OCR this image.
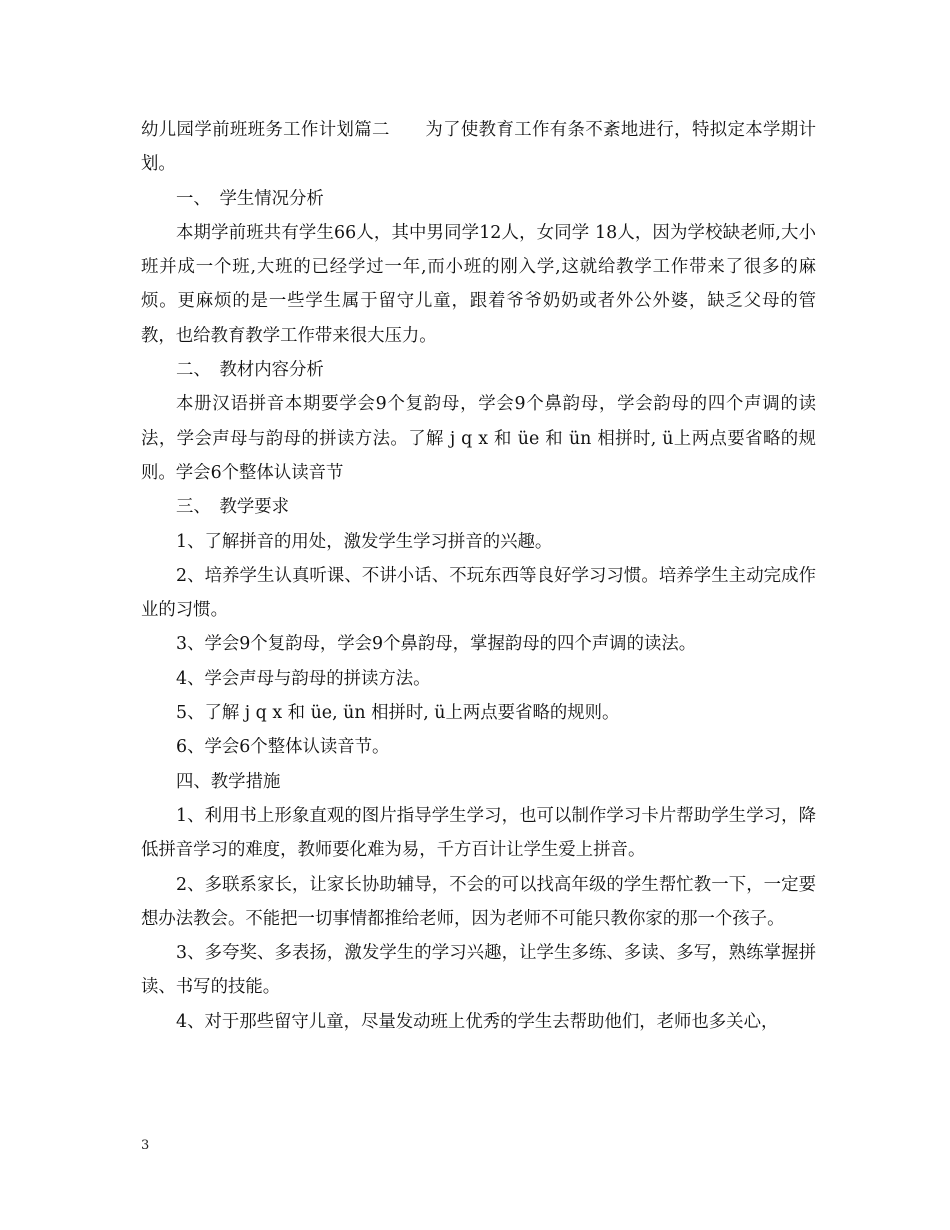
幼儿园学前班班务工作计划篇二　　为了使教育工作有条不紊地进行，特拟定本学期计划。

一、　学生情况分析

本期学前班共有学生66人，其中男同学12人，女同学 18人，因为学校缺老师,大小班并成一个班,大班的已经学过一年,而小班的刚入学,这就给教学工作带来了很多的麻烦。更麻烦的是一些学生属于留守儿童，跟着爷爷奶奶或者外公外婆，缺乏父母的管教，也给教育教学工作带来很大压力。

二、　教材内容分析

本册汉语拼音本期要学会9个复韵母，学会9个鼻韵母，学会韵母的四个声调的读法，学会声母与韵母的拼读方法。了解 j q x 和 üe 和 ün 相拼时, ü上两点要省略的规则。学会6个整体认读音节

三、　教学要求

1、了解拼音的用处，激发学生学习拼音的兴趣。

2、培养学生认真听课、不讲小话、不玩东西等良好学习习惯。培养学生主动完成作业的习惯。

3、学会9个复韵母，学会9个鼻韵母，掌握韵母的四个声调的读法。

4、学会声母与韵母的拼读方法。

5、了解 j q x 和 üe, ün 相拼时, ü上两点要省略的规则。

6、学会6个整体认读音节。

四、教学措施

1、利用书上形象直观的图片指导学生学习，也可以制作学习卡片帮助学生学习，降低拼音学习的难度，教师要化难为易，千方百计让学生爱上拼音。

2、多联系家长，让家长协助辅导，不会的可以找高年级的学生帮忙教一下，一定要想办法教会。不能把一切事情都推给老师，因为老师不可能只教你家的那一个孩子。

3、多夸奖、多表扬，激发学生的学习兴趣，让学生多练、多读、多写，熟练掌握拼读、书写的技能。

4、对于那些留守儿童，尽量发动班上优秀的学生去帮助他们，老师也多关心，

3
